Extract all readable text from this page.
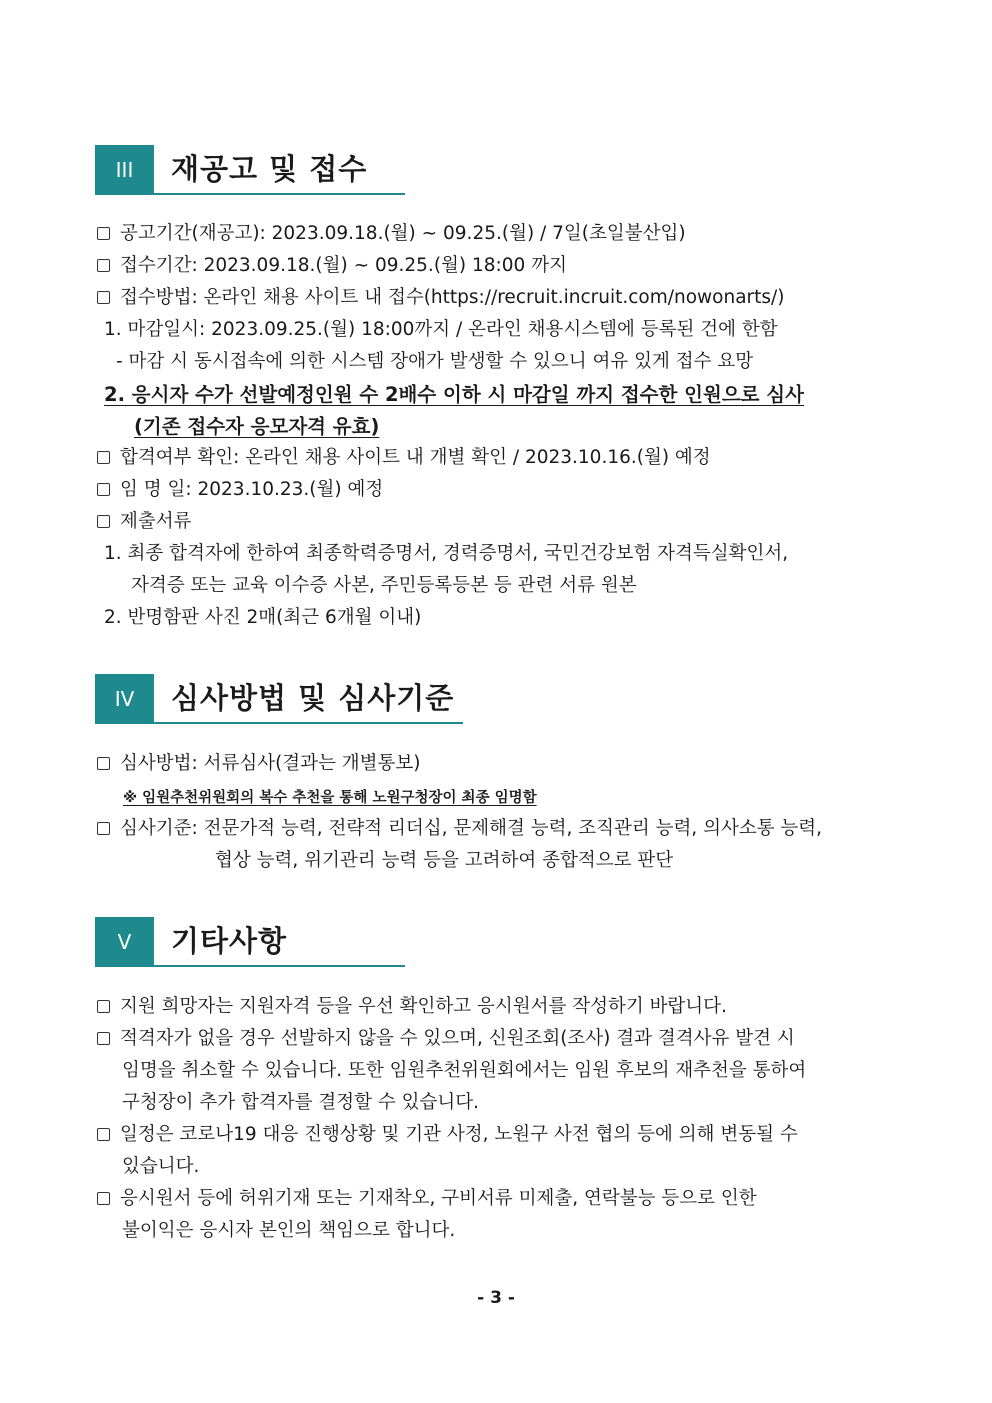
III	재공고 및 접수
공고기간(재공고): 2023.09.18.(월) ~ 09.25.(월) / 7일(초일불산입)
접수기간: 2023.09.18.(월) ~ 09.25.(월) 18:00 까지
접수방법: 온라인 채용 사이트 내 접수(https://recruit.incruit.com/nowonarts/)
1. 마감일시: 2023.09.25.(월) 18:00까지 / 온라인 채용시스템에 등록된 건에 한함
- 마감 시 동시접속에 의한 시스템 장애가 발생할 수 있으니 여유 있게 접수 요망
2. 응시자 수가 선발예정인원 수 2배수 이하 시 마감일 까지 접수한 인원으로 심사
(기존 접수자 응모자격 유효)
합격여부 확인: 온라인 채용 사이트 내 개별 확인 / 2023.10.16.(월) 예정
임 명 일: 2023.10.23.(월) 예정
제출서류
1. 최종 합격자에 한하여 최종학력증명서, 경력증명서, 국민건강보험 자격득실확인서,
자격증 또는 교육 이수증 사본, 주민등록등본 등 관련 서류 원본
2. 반명함판 사진 2매(최근 6개월 이내)
IV	심사방법 및 심사기준
심사방법: 서류심사(결과는 개별통보)
※ 임원추천위원회의 복수 추천을 통해 노원구청장이 최종 임명함
심사기준: 전문가적 능력, 전략적 리더십, 문제해결 능력, 조직관리 능력, 의사소통 능력,
협상 능력, 위기관리 능력 등을 고려하여 종합적으로 판단
V	기타사항
지원 희망자는 지원자격 등을 우선 확인하고 응시원서를 작성하기 바랍니다.
적격자가 없을 경우 선발하지 않을 수 있으며, 신원조회(조사) 결과 결격사유 발견 시
임명을 취소할 수 있습니다. 또한 임원추천위원회에서는 임원 후보의 재추천을 통하여
구청장이 추가 합격자를 결정할 수 있습니다.
일정은 코로나19 대응 진행상황 및 기관 사정, 노원구 사전 협의 등에 의해 변동될 수
있습니다.
응시원서 등에 허위기재 또는 기재착오, 구비서류 미제출, 연락불능 등으로 인한
불이익은 응시자 본인의 책임으로 합니다.
- 3 -
